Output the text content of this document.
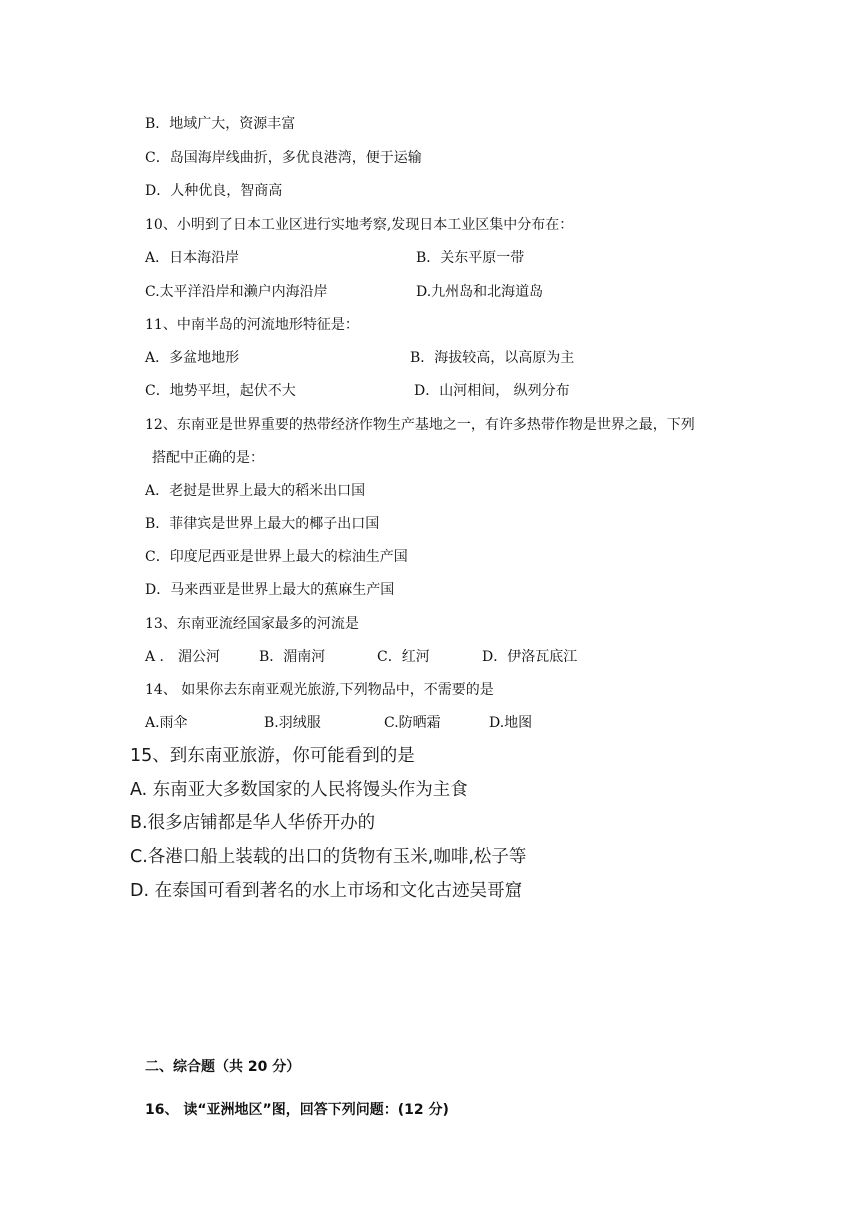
B．地域广大，资源丰富
C．岛国海岸线曲折，多优良港湾，便于运输
D．人种优良，智商高
10、小明到了日本工业区进行实地考察,发现日本工业区集中分布在：
A．日本海沿岸	B．关东平原一带
C.太平洋沿岸和濑户内海沿岸	D.九州岛和北海道岛
11、中南半岛的河流地形特征是：
A．多盆地地形	B．海拔较高，以高原为主
C．地势平坦，起伏不大	D．山河相间， 纵列分布
12、东南亚是世界重要的热带经济作物生产基地之一，有许多热带作物是世界之最，下列
搭配中正确的是：
A．老挝是世界上最大的稻米出口国
B．菲律宾是世界上最大的椰子出口国
C．印度尼西亚是世界上最大的棕油生产国
D．马来西亚是世界上最大的蕉麻生产国
13、东南亚流经国家最多的河流是
A ． 湄公河	B．湄南河	C．红河	D．伊洛瓦底江
14、 如果你去东南亚观光旅游,下列物品中，不需要的是
A.雨伞	B.羽绒服	C.防晒霜	D.地图
15、到东南亚旅游，你可能看到的是
A. 东南亚大多数国家的人民将馒头作为主食
B.很多店铺都是华人华侨开办的
C.各港口船上装载的出口的货物有玉米,咖啡,松子等
D. 在泰国可看到著名的水上市场和文化古迹吴哥窟
二、综合题（共 20 分）
16、 读“亚洲地区”图，回答下列问题：(12 分)
